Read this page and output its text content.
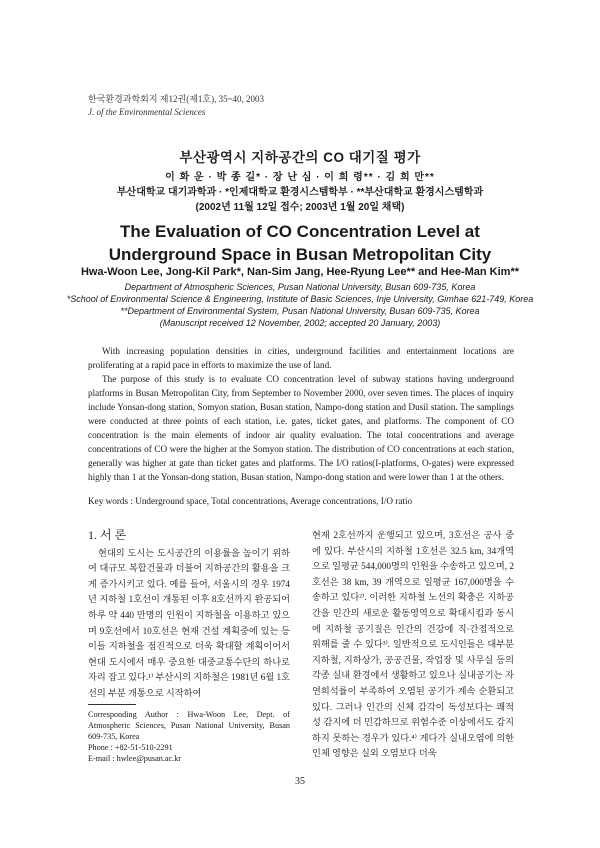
한국환경과학회지 제12권(제1호), 35~40, 2003
J. of the Environmental Sciences
부산광역시 지하공간의 CO 대기질 평가
이 화 운 · 박 종 길* · 장 난 심 · 이 희 령** · 김 희 만**
부산대학교 대기과학과 · *인제대학교 환경시스템학부 · **부산대학교 환경시스템학과
(2002년 11월 12일 접수; 2003년 1월 20일 채택)
The Evaluation of CO Concentration Level at Underground Space in Busan Metropolitan City
Hwa-Woon Lee, Jong-Kil Park*, Nan-Sim Jang, Hee-Ryung Lee** and Hee-Man Kim**
Department of Atmospheric Sciences, Pusan National University, Busan 609-735, Korea
*School of Environmental Science & Engineering, Institute of Basic Sciences, Inje University, Gimhae 621-749, Korea
**Department of Environmental System, Pusan National University, Busan 609-735, Korea
(Manuscript received 12 November, 2002; accepted 20 January, 2003)

With increasing population densities in cities, underground facilities and entertainment locations are proliferating at a rapid pace in efforts to maximize the use of land.

The purpose of this study is to evaluate CO concentration level of subway stations having underground platforms in Busan Metropolitan City, from September to November 2000, over seven times. The places of inquiry include Yonsan-dong station, Somyon station, Busan station, Nampo-dong station and Dusil station. The samplings were conducted at three points of each station, i.e. gates, ticket gates, and platforms. The component of CO concentration is the main elements of indoor air quality evaluation. The total concentrations and average concentrations of CO were the higher at the Somyon station. The distribution of CO concentrations at each station, generally was higher at gate than ticket gates and platforms. The I/O ratios(I-platforms, O-gates) were expressed highly than 1 at the Yonsan-dong station, Busan station, Nampo-dong station and were lower than 1 at the others.

Key words : Underground space, Total concentrations, Average concentrations, I/O ratio
1. 서 론

현대의 도시는 도시공간의 이용률을 높이기 위하여 대규모 복합건물과 더불어 지하공간의 활용을 크게 증가시키고 있다. 예를 들어, 서울시의 경우 1974년 지하철 1호선이 개통된 이후 8호선까지 완공되어 하루 약 440 만명의 인원이 지하철을 이용하고 있으며 9호선에서 10호선은 현재 건설 계획중에 있는 등 이들 지하철을 점진적으로 더욱 확대할 계획이어서 현대 도시에서 매우 중요한 대중교통수단의 하나로 자리 잡고 있다.¹⁾ 부산시의 지하철은 1981년 6월 1호선의 부분 개통으로 시작하여

Corresponding Author : Hwa-Woon Lee, Dept. of Atmospheric Sciences, Pusan National University, Busan 609-735, Korea

Phone : +82-51-510-2291

E-mail : hwlee@pusan.ac.kr

현재 2호선까지 운행되고 있으며, 3호선은 공사 중에 있다. 부산시의 지하철 1호선은 32.5 km, 34개역으로 일평균 544,000명의 인원을 수송하고 있으며, 2호선은 38 km, 39 개역으로 일평균 167,000명을 수송하고 있다²⁾. 이러한 지하철 노선의 확충은 지하공간을 인간의 새로운 활동영역으로 확대시킴과 동시에 지하철 공기질은 인간의 건강에 직·간접적으로 위해를 줄 수 있다³⁾. 일반적으로 도시인들은 대부분 지하철, 지하상가, 공공건물, 작업장 및 사무실 등의 각종 실내 환경에서 생활하고 있으나 실내공기는 자연희석률이 부족하여 오염된 공기가 계속 순환되고 있다. 그러나 인간의 신체 감각이 독성보다는 쾌적성 감지에 더 민감하므로 위험수준 이상에서도 감지하지 못하는 경우가 있다.⁴⁾ 게다가 실내오염에 의한 인체 영향은 실외 오염보다 더욱

35
